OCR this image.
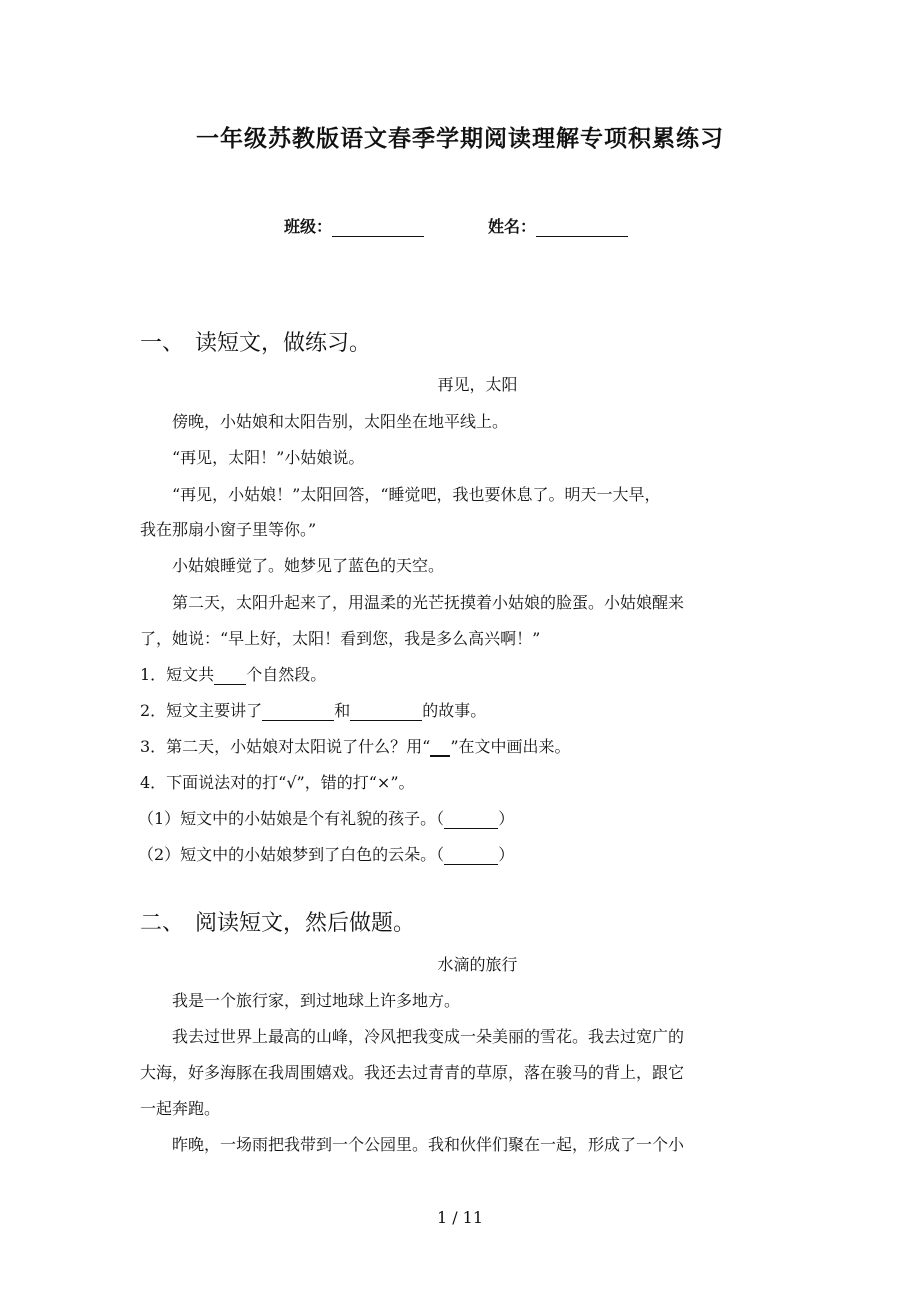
一年级苏教版语文春季学期阅读理解专项积累练习
班级：	姓名：
一、　读短文，做练习。
再见，太阳
傍晚，小姑娘和太阳告别，太阳坐在地平线上。
“再见，太阳！”小姑娘说。
“再见，小姑娘！”太阳回答，“睡觉吧，我也要休息了。明天一大早，
我在那扇小窗子里等你。”
小姑娘睡觉了。她梦见了蓝色的天空。
第二天，太阳升起来了，用温柔的光芒抚摸着小姑娘的脸蛋。小姑娘醒来
了，她说：“早上好，太阳！看到您，我是多么高兴啊！”
1．短文共 个自然段。
2．短文主要讲了	和	的故事。
3．第二天，小姑娘对太阳说了什么？用“ ”在文中画出来。
4．下面说法对的打“√”，错的打“×”。
（1）短文中的小姑娘是个有礼貌的孩子。（	）
（2）短文中的小姑娘梦到了白色的云朵。（	）
二、　阅读短文，然后做题。
水滴的旅行
我是一个旅行家，到过地球上许多地方。
我去过世界上最高的山峰，冷风把我变成一朵美丽的雪花。我去过宽广的
大海，好多海豚在我周围嬉戏。我还去过青青的草原，落在骏马的背上，跟它
一起奔跑。
昨晚，一场雨把我带到一个公园里。我和伙伴们聚在一起，形成了一个小
1 / 11
